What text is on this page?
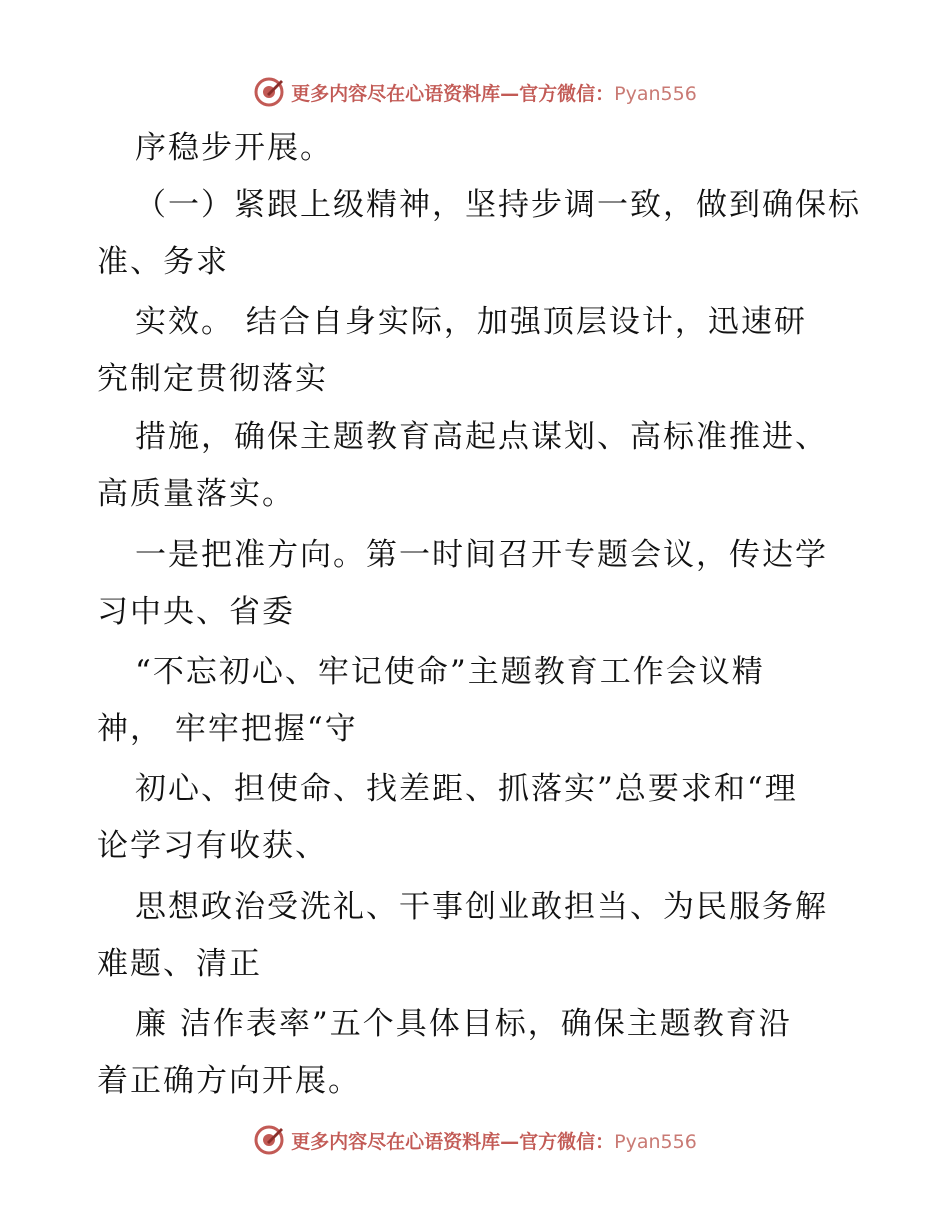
更多内容尽在心语资料库—官方微信：Pyan556
序稳步开展。
（一）紧跟上级精神，坚持步调一致，做到确保标
准、务求
实效。 结合自身实际，加强顶层设计，迅速研
究制定贯彻落实
措施，确保主题教育高起点谋划、高标准推进、
高质量落实。
一是把准方向。第一时间召开专题会议，传达学
习中央、省委
“不忘初心、牢记使命”主题教育工作会议精
神， 牢牢把握“守
初心、担使命、找差距、抓落实”总要求和“理
论学习有收获、
思想政治受洗礼、干事创业敢担当、为民服务解
难题、清正
廉 洁作表率”五个具体目标，确保主题教育沿
着正确方向开展。
更多内容尽在心语资料库—官方微信：Pyan556
